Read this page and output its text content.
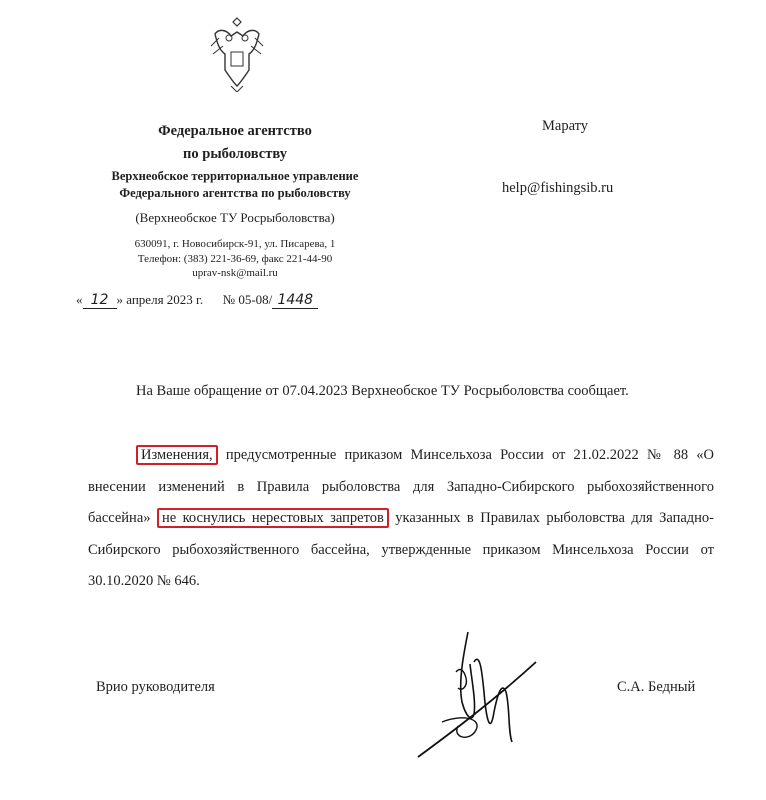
Федеральное агентство
по рыболовству
Верхнеобское территориальное управление
Федерального агентства по рыболовству
(Верхнеобское ТУ Росрыболовства)
630091, г. Новосибирск-91, ул. Писарева, 1
Телефон: (383) 221-36-69, факс 221-44-90
uprav-nsk@mail.ru
« 12 » апреля 2023 г. № 05-08/ 1448
Марату
help@fishingsib.ru
На Ваше обращение от 07.04.2023 Верхнеобское ТУ Росрыболовства сообщает.
Изменения, предусмотренные приказом Минсельхоза России от 21.02.2022 № 88 «О внесении изменений в Правила рыболовства для Западно-Сибирского рыбохозяйственного бассейна» не коснулись нерестовых запретов указанных в Правилах рыболовства для Западно-Сибирского рыбохозяйственного бассейна, утвержденные приказом Минсельхоза России от 30.10.2020 № 646.
Врио руководителя	С.А. Бедный
